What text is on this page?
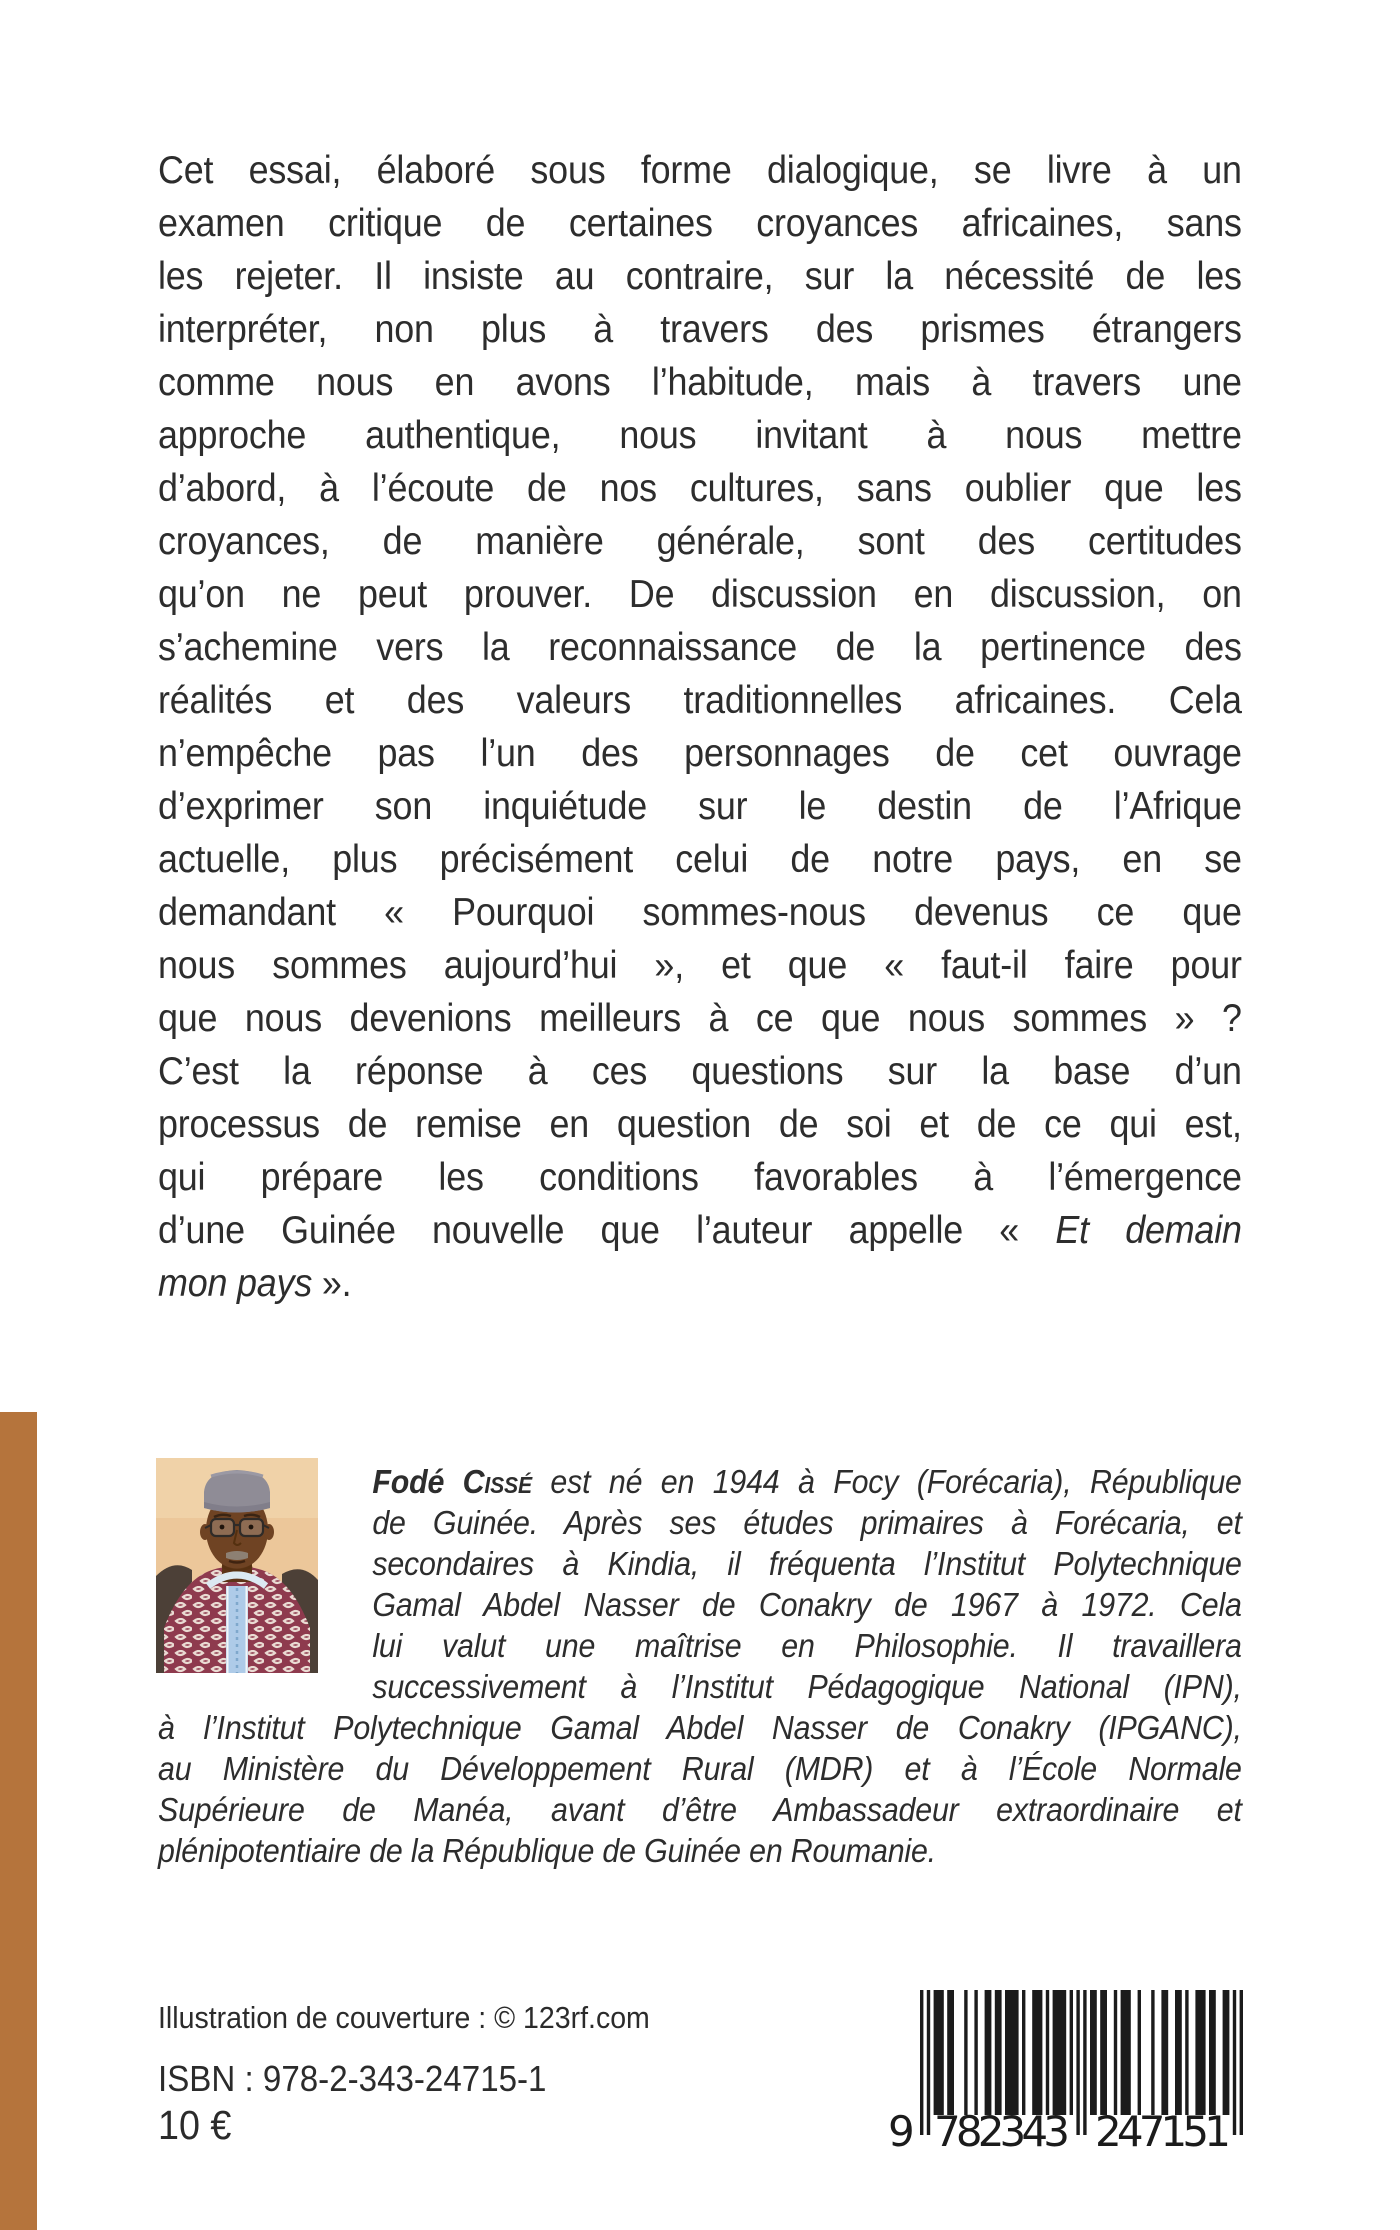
Cet essai, élaboré sous forme dialogique, se livre à un
examen critique de certaines croyances africaines, sans
les rejeter. Il insiste au contraire, sur la nécessité de les
interpréter, non plus à travers des prismes étrangers
comme nous en avons l’habitude, mais à travers une
approche authentique, nous invitant à nous mettre
d’abord, à l’écoute de nos cultures, sans oublier que les
croyances, de manière générale, sont des certitudes
qu’on ne peut prouver. De discussion en discussion, on
s’achemine vers la reconnaissance de la pertinence des
réalités et des valeurs traditionnelles africaines. Cela
n’empêche pas l’un des personnages de cet ouvrage
d’exprimer son inquiétude sur le destin de l’Afrique
actuelle, plus précisément celui de notre pays, en se
demandant « Pourquoi sommes-nous devenus ce que
nous sommes aujourd’hui », et que « faut-il faire pour
que nous devenions meilleurs à ce que nous sommes » ?
C’est la réponse à ces questions sur la base d’un
processus de remise en question de soi et de ce qui est,
qui prépare les conditions favorables à l’émergence
d’une Guinée nouvelle que l’auteur appelle « Et demain
mon pays ».
Fodé Cissé est né en 1944 à Focy (Forécaria), République
de Guinée. Après ses études primaires à Forécaria, et
secondaires à Kindia, il fréquenta l’Institut Polytechnique
Gamal Abdel Nasser de Conakry de 1967 à 1972. Cela
lui valut une maîtrise en Philosophie. Il travaillera
successivement à l’Institut Pédagogique National (IPN),
à l’Institut Polytechnique Gamal Abdel Nasser de Conakry (IPGANC),
au Ministère du Développement Rural (MDR) et à l’École Normale
Supérieure de Manéa, avant d’être Ambassadeur extraordinaire et
plénipotentiaire de la République de Guinée en Roumanie.
Illustration de couverture : © 123rf.com
ISBN : 978-2-343-24715-1
10 €	9 782343 247151
